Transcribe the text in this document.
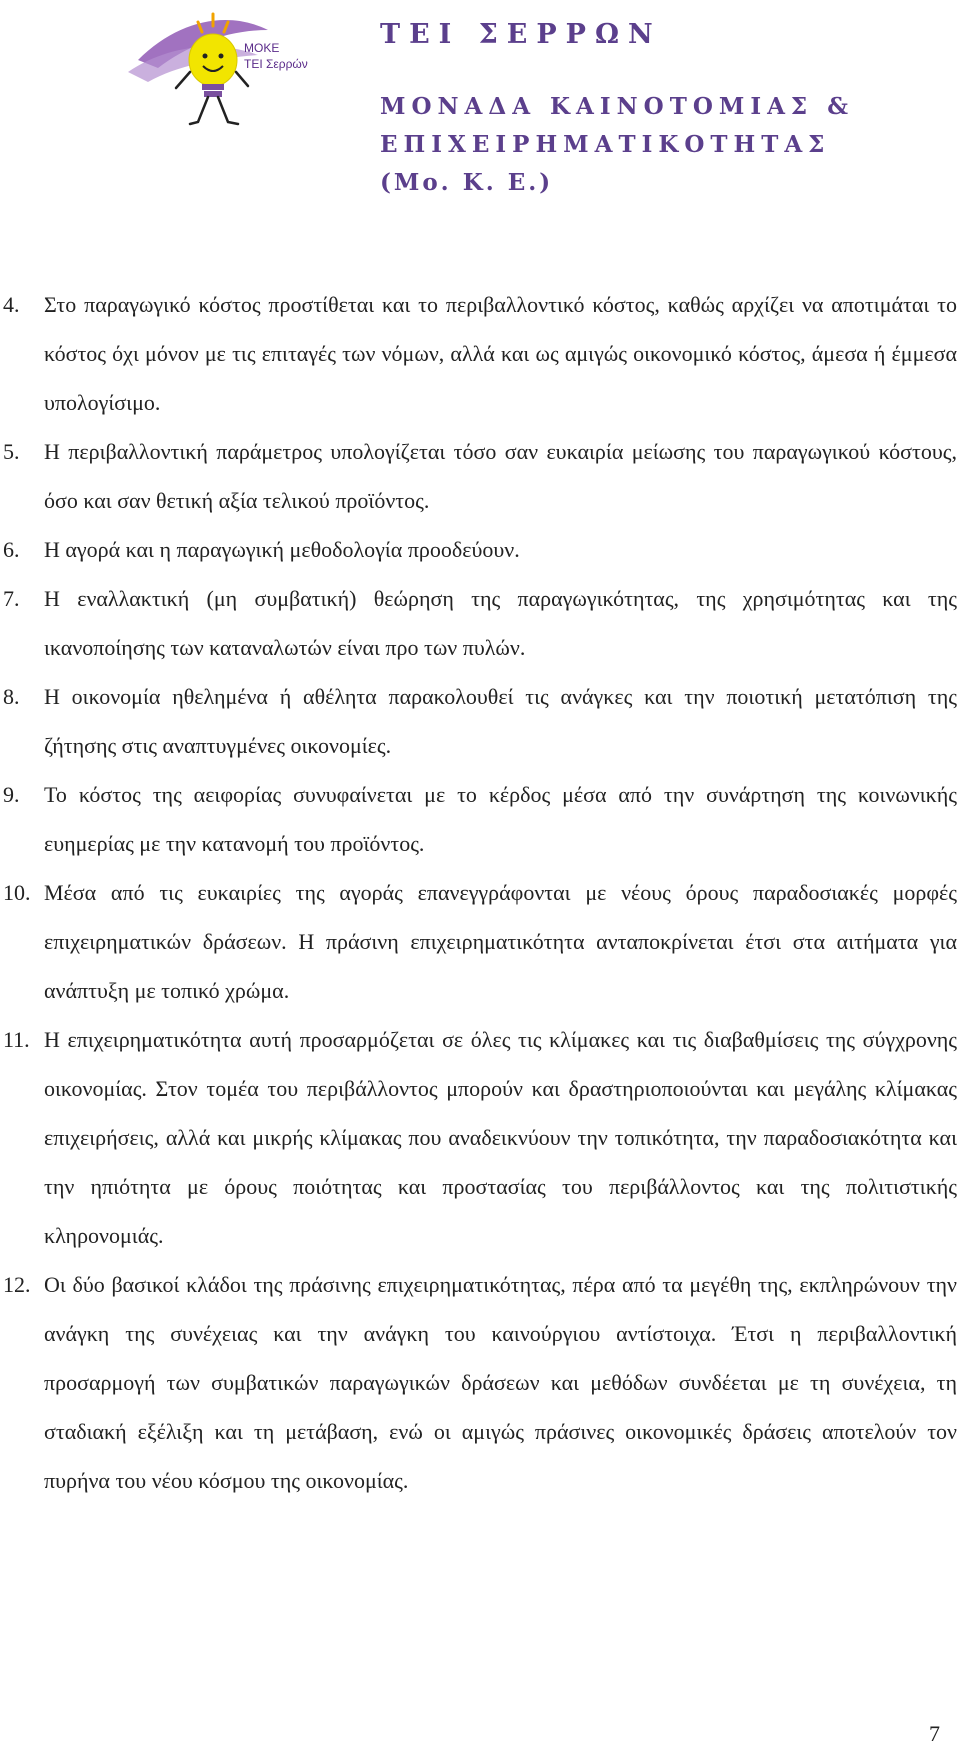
ΜΟΚΕ
ΤΕΙ Σερρών
ΤΕΙ ΣΕΡΡΩΝ
ΜΟΝΑΔΑ ΚΑΙΝΟΤΟΜΙΑΣ &
ΕΠΙΧΕΙΡΗΜΑΤΙΚΟΤΗΤΑΣ
(Μο. Κ. Ε.)
4. Στο παραγωγικό κόστος προστίθεται και το περιβαλλοντικό κόστος, καθώς αρχίζει να αποτιμάται το κόστος όχι μόνον με τις επιταγές των νόμων, αλλά και ως αμιγώς οικονομικό κόστος, άμεσα ή έμμεσα υπολογίσιμο.
5. Η περιβαλλοντική παράμετρος υπολογίζεται τόσο σαν ευκαιρία μείωσης του παραγωγικού κόστους, όσο και σαν θετική αξία τελικού προϊόντος.
6. Η αγορά και η παραγωγική μεθοδολογία προοδεύουν.
7. Η εναλλακτική (μη συμβατική) θεώρηση της παραγωγικότητας, της χρησιμότητας και της ικανοποίησης των καταναλωτών είναι προ των πυλών.
8. Η οικονομία ηθελημένα ή αθέλητα παρακολουθεί τις ανάγκες και την ποιοτική μετατόπιση της ζήτησης στις αναπτυγμένες οικονομίες.
9. Το κόστος της αειφορίας συνυφαίνεται με το κέρδος μέσα από την συνάρτηση της κοινωνικής ευημερίας με την κατανομή του προϊόντος.
10. Μέσα από τις ευκαιρίες της αγοράς επανεγγράφονται με νέους όρους παραδοσιακές μορφές επιχειρηματικών δράσεων. Η πράσινη επιχειρηματικότητα ανταποκρίνεται έτσι στα αιτήματα για ανάπτυξη με τοπικό χρώμα.
11. Η επιχειρηματικότητα αυτή προσαρμόζεται σε όλες τις κλίμακες και τις διαβαθμίσεις της σύγχρονης οικονομίας. Στον τομέα του περιβάλλοντος μπορούν και δραστηριοποιούνται και μεγάλης κλίμακας επιχειρήσεις, αλλά και μικρής κλίμακας που αναδεικνύουν την τοπικότητα, την παραδοσιακότητα και την ηπιότητα με όρους ποιότητας και προστασίας του περιβάλλοντος και της πολιτιστικής κληρονομιάς.
12. Οι δύο βασικοί κλάδοι της πράσινης επιχειρηματικότητας, πέρα από τα μεγέθη της, εκπληρώνουν την ανάγκη της συνέχειας και την ανάγκη του καινούργιου αντίστοιχα. Έτσι η περιβαλλοντική προσαρμογή των συμβατικών παραγωγικών δράσεων και μεθόδων συνδέεται με τη συνέχεια, τη σταδιακή εξέλιξη και τη μετάβαση, ενώ οι αμιγώς πράσινες οικονομικές δράσεις αποτελούν τον πυρήνα του νέου κόσμου της οικονομίας.
7
